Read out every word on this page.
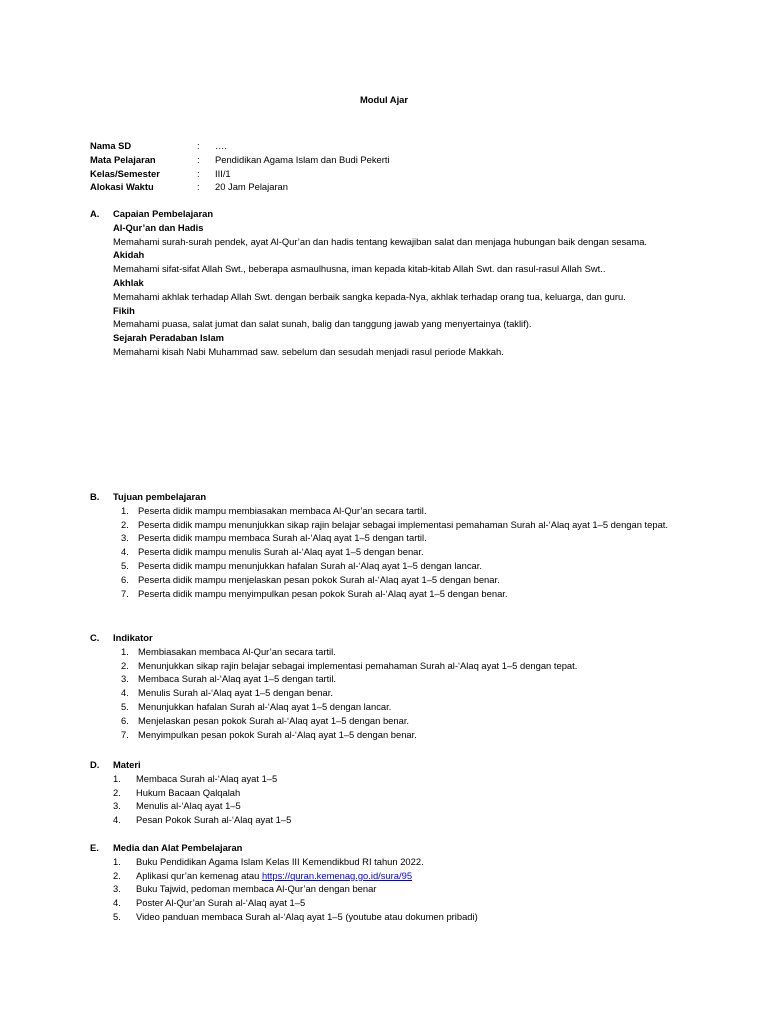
Modul Ajar
Nama SD	:	….
Mata Pelajaran	:	Pendidikan Agama Islam dan Budi Pekerti
Kelas/Semester	:	III/1
Alokasi Waktu	:	20 Jam Pelajaran
A.	Capaian Pembelajaran
Al-Qur’an dan Hadis
Memahami surah-surah pendek, ayat Al-Qur’an dan hadis tentang kewajiban salat dan menjaga hubungan baik dengan sesama.
Akidah
Memahami sifat-sifat Allah Swt., beberapa asmaulhusna, iman kepada kitab-kitab Allah Swt. dan rasul-rasul Allah Swt..
Akhlak
Memahami akhlak terhadap Allah Swt. dengan berbaik sangka kepada-Nya, akhlak terhadap orang tua, keluarga, dan guru.
Fikih
Memahami puasa, salat jumat dan salat sunah, balig dan tanggung jawab yang menyertainya (taklif).
Sejarah Peradaban Islam
Memahami kisah Nabi Muhammad saw. sebelum dan sesudah menjadi rasul periode Makkah.
B.	Tujuan pembelajaran
1. Peserta didik mampu membiasakan membaca Al-Qur’an secara tartil.
2. Peserta didik mampu menunjukkan sikap rajin belajar sebagai implementasi pemahaman Surah al-‘Alaq ayat 1–5 dengan tepat.
3. Peserta didik mampu membaca Surah al-‘Alaq ayat 1–5 dengan tartil.
4. Peserta didik mampu menulis Surah al-‘Alaq ayat 1–5 dengan benar.
5. Peserta didik mampu menunjukkan hafalan Surah al-‘Alaq ayat 1–5 dengan lancar.
6. Peserta didik mampu menjelaskan pesan pokok Surah al-‘Alaq ayat 1–5 dengan benar.
7. Peserta didik mampu menyimpulkan pesan pokok Surah al-‘Alaq ayat 1–5 dengan benar.
C.	Indikator
1. Membiasakan membaca Al-Qur’an secara tartil.
2. Menunjukkan sikap rajin belajar sebagai implementasi pemahaman Surah al-‘Alaq ayat 1–5 dengan tepat.
3. Membaca Surah al-‘Alaq ayat 1–5 dengan tartil.
4. Menulis Surah al-‘Alaq ayat 1–5 dengan benar.
5. Menunjukkan hafalan Surah al-‘Alaq ayat 1–5 dengan lancar.
6. Menjelaskan pesan pokok Surah al-‘Alaq ayat 1–5 dengan benar.
7. Menyimpulkan pesan pokok Surah al-‘Alaq ayat 1–5 dengan benar.
D.	Materi
1.	Membaca Surah al-‘Alaq ayat 1–5
2.	Hukum Bacaan Qalqalah
3.	Menulis al-‘Alaq ayat 1–5
4.	Pesan Pokok Surah al-‘Alaq ayat 1–5
E.	Media dan Alat Pembelajaran
1.	Buku Pendidikan Agama Islam Kelas III Kemendikbud RI tahun 2022.
2.	Aplikasi qur’an kemenag atau https://quran.kemenag.go.id/sura/95
3.	Buku Tajwid, pedoman membaca Al-Qur’an dengan benar
4.	Poster Al-Qur’an Surah al-‘Alaq ayat 1–5
5.	Video panduan membaca Surah al-‘Alaq ayat 1–5 (youtube atau dokumen pribadi)
